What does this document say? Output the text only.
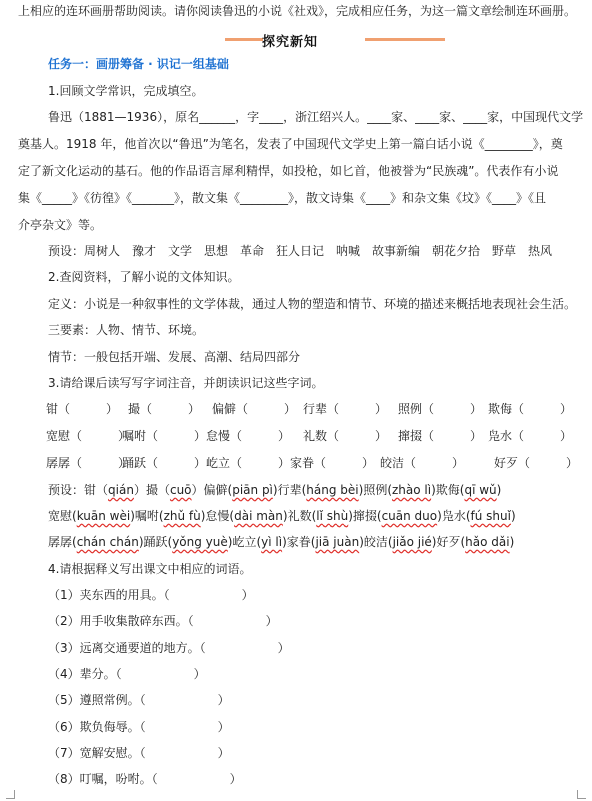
上相应的连环画册帮助阅读。请你阅读鲁迅的小说《社戏》，完成相应任务，为这一篇文章绘制连环画册。
探究新知
任务一：画册筹备 · 识记一组基础
1.回顾文学常识，完成填空。
鲁迅（1881—1936），原名______，字____，浙江绍兴人。____家、____家、____家，中国现代文学
奠基人。1918 年，他首次以“鲁迅”为笔名，发表了中国现代文学史上第一篇白话小说《________》，奠
定了新文化运动的基石。他的作品语言犀利精悍，如投枪，如匕首，他被誉为“民族魂”。代表作有小说
集《_____》《彷徨》《_______》，散文集《________》，散文诗集《____》和杂文集《坟》《____》《且
介亭杂文》等。
预设：周树人　豫才　文学　思想　革命　狂人日记　呐喊　故事新编　朝花夕拾　野草　热风
2.查阅资料，了解小说的文体知识。
定义：小说是一种叙事性的文学体裁，通过人物的塑造和情节、环境的描述来概括地表现社会生活。
三要素：人物、情节、环境。
情节：一般包括开端、发展、高潮、结局四部分
3.请给课后读写写字词注音，并朗读识记这些字词。
钳（　　　） 撮（　　　） 偏僻（　　　） 行辈（　　　） 照例（　　　） 欺侮（　　　）
宽慰（　　　）
嘱咐（　　　） 怠慢（　　　） 礼数（　　　） 撺掇（　　　） 凫水（　　　）
孱孱（　　　）
踊跃（　　　） 屹立（　　　） 家眷（　　　） 皎洁（　　　） 好歹（　　　）
预设：钳（qián）撮（cuō）偏僻(piān pì)行辈(háng bèi)照例(zhào lì)欺侮(qī wǔ)
宽慰(kuān wèi)嘱咐(zhǔ fù)怠慢(dài màn)礼数(lǐ shù)撺掇(cuān duo)凫水(fú shuǐ)
孱孱(chán chán)踊跃(yǒng yuè)屹立(yì lì)家眷(jiā juàn)皎洁(jiǎo jié)好歹(hǎo dǎi)
4.请根据释义写出课文中相应的词语。
（1）夹东西的用具。（　　　　　　）
（2）用手收集散碎东西。（　　　　　　）
（3）远离交通要道的地方。（　　　　　　）
（4）辈分。（　　　　　　）
（5）遵照常例。（　　　　　　）
（6）欺负侮辱。（　　　　　　）
（7）宽解安慰。（　　　　　　）
（8）叮嘱，吩咐。（　　　　　　）
